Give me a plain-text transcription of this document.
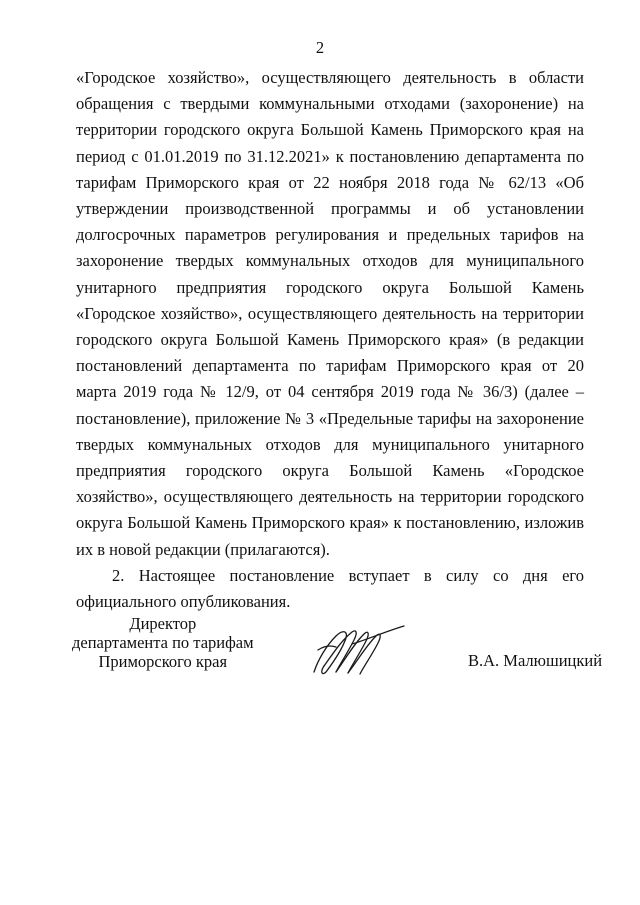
2

«Городское хозяйство», осуществляющего деятельность в области обращения с твердыми коммунальными отходами (захоронение) на территории городского округа Большой Камень Приморского края на период с 01.01.2019 по 31.12.2021» к постановлению департамента по тарифам Приморского края от 22 ноября 2018 года № 62/13 «Об утверждении производственной программы и об установлении долгосрочных параметров регулирования и предельных тарифов на захоронение твердых коммунальных отходов для муниципального унитарного предприятия городского округа Большой Камень «Городское хозяйство», осуществляющего деятельность на территории городского округа Большой Камень Приморского края» (в редакции постановлений департамента по тарифам Приморского края от 20 марта 2019 года № 12/9, от 04 сентября 2019 года № 36/3) (далее – постановление), приложение № 3 «Предельные тарифы на захоронение твердых коммунальных отходов для муниципального унитарного предприятия городского округа Большой Камень «Городское хозяйство», осуществляющего деятельность на территории городского округа Большой Камень Приморского края» к постановлению, изложив их в новой редакции (прилагаются).

2. Настоящее постановление вступает в силу со дня его официального опубликования.

Директор
департамента по тарифам
Приморского края	В.А. Малюшицкий
